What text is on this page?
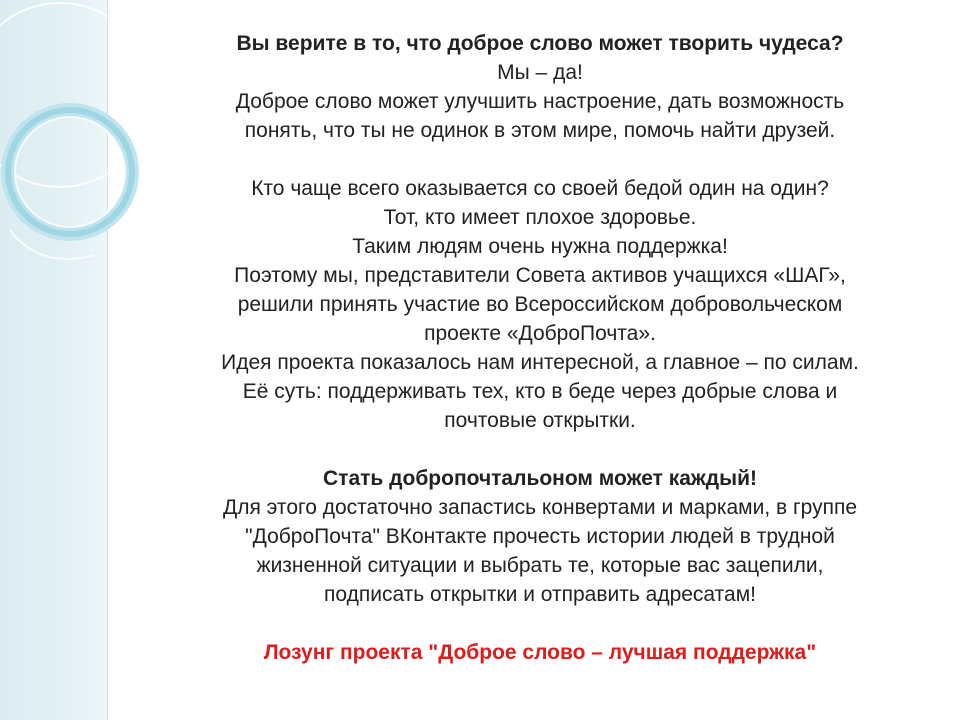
Вы верите в то, что доброе слово может творить чудеса?
Мы – да!
Доброе слово может улучшить настроение, дать возможность
понять, что ты не одинок в этом мире, помочь найти друзей.
Кто чаще всего оказывается со своей бедой один на один?
Тот, кто имеет плохое здоровье.
Таким людям очень нужна поддержка!
Поэтому мы, представители Совета активов учащихся «ШАГ»,
решили принять участие во Всероссийском добровольческом
проекте «ДоброПочта».
Идея проекта показалось нам интересной, а главное – по силам.
Её суть: поддерживать тех, кто в беде через добрые слова и
почтовые открытки.
Стать добропочтальоном может каждый!
Для этого достаточно запастись конвертами и марками, в группе
"ДоброПочта" ВКонтакте прочесть истории людей в трудной
жизненной ситуации и выбрать те, которые вас зацепили,
подписать открытки и отправить адресатам!
Лозунг проекта "Доброе слово – лучшая поддержка"
